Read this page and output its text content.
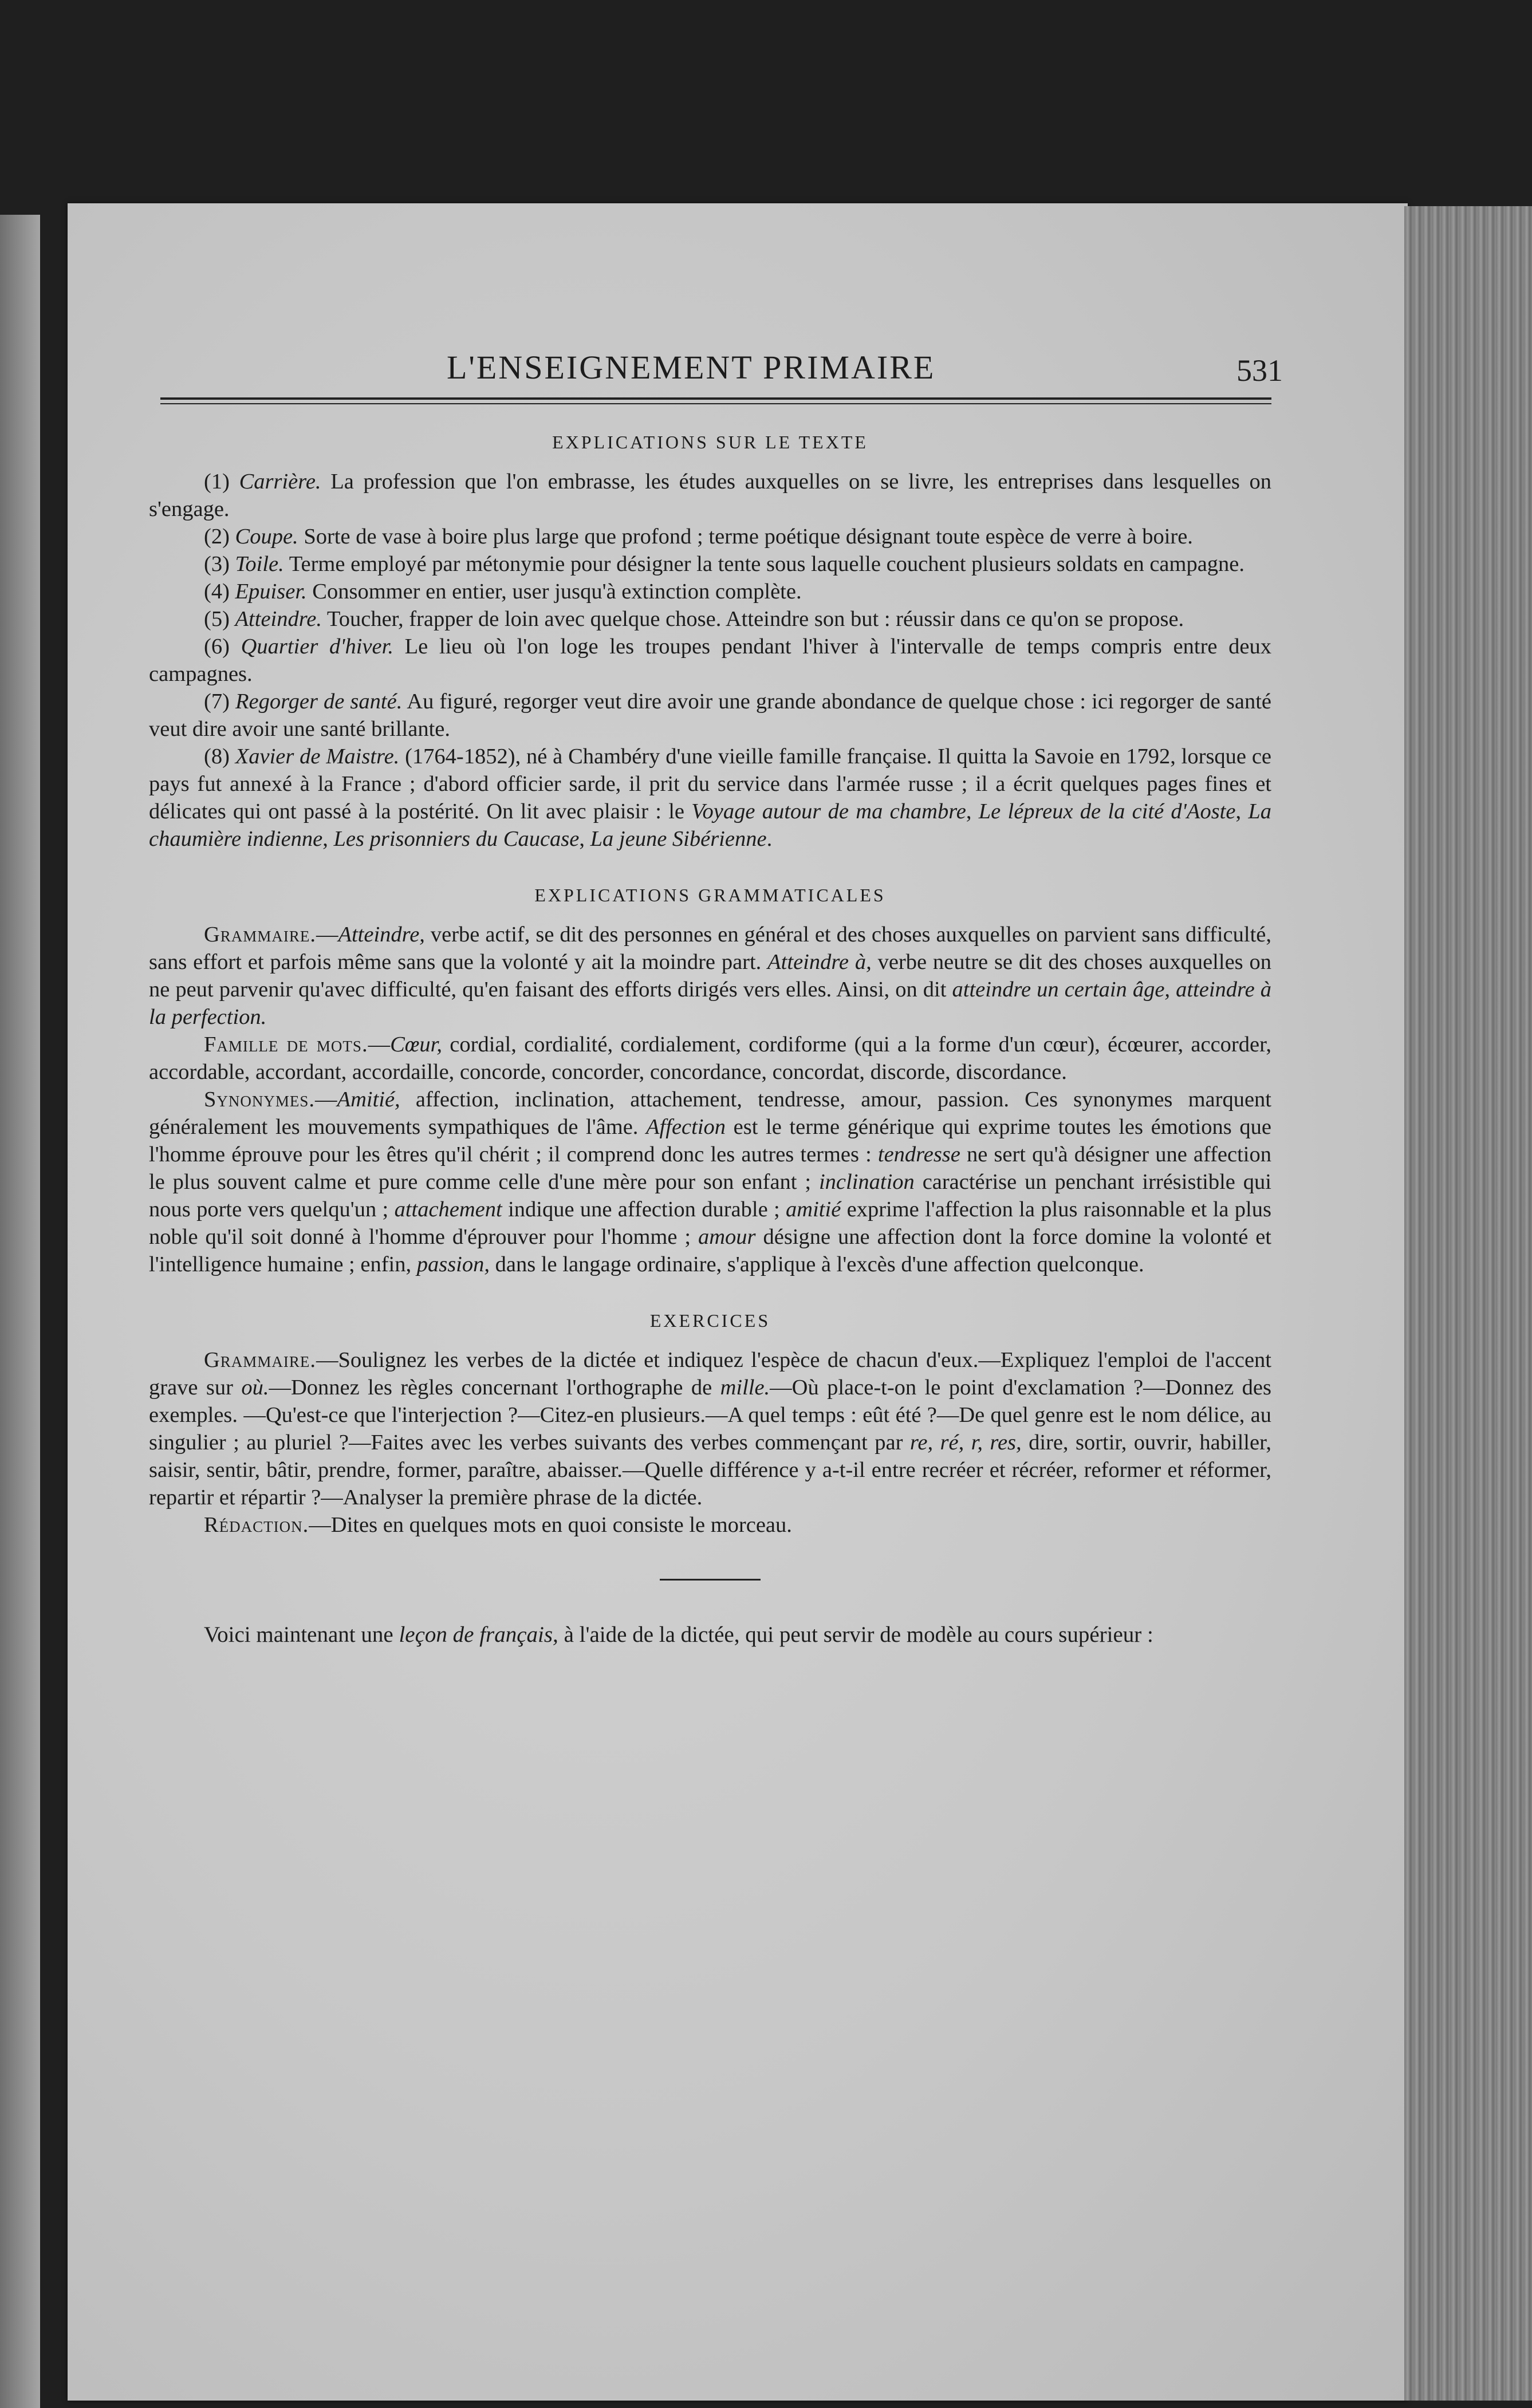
L'ENSEIGNEMENT PRIMAIRE	531
EXPLICATIONS SUR LE TEXTE

(1) Carrière. La profession que l'on embrasse, les études auxquelles on se livre, les entreprises dans lesquelles on s'engage.

(2) Coupe. Sorte de vase à boire plus large que profond ; terme poétique désignant toute espèce de verre à boire.

(3) Toile. Terme employé par métonymie pour désigner la tente sous laquelle couchent plusieurs soldats en campagne.

(4) Epuiser. Consommer en entier, user jusqu'à extinction complète.

(5) Atteindre. Toucher, frapper de loin avec quelque chose. Atteindre son but : réussir dans ce qu'on se propose.

(6) Quartier d'hiver. Le lieu où l'on loge les troupes pendant l'hiver à l'intervalle de temps compris entre deux campagnes.

(7) Regorger de santé. Au figuré, regorger veut dire avoir une grande abondance de quelque chose : ici regorger de santé veut dire avoir une santé brillante.

(8) Xavier de Maistre. (1764-1852), né à Chambéry d'une vieille famille française. Il quitta la Savoie en 1792, lorsque ce pays fut annexé à la France ; d'abord officier sarde, il prit du service dans l'armée russe ; il a écrit quelques pages fines et délicates qui ont passé à la postérité. On lit avec plaisir : le Voyage autour de ma chambre, Le lépreux de la cité d'Aoste, La chaumière indienne, Les prisonniers du Caucase, La jeune Sibérienne.

EXPLICATIONS GRAMMATICALES

Grammaire.—Atteindre, verbe actif, se dit des personnes en général et des choses auxquelles on parvient sans difficulté, sans effort et parfois même sans que la volonté y ait la moindre part. Atteindre à, verbe neutre se dit des choses auxquelles on ne peut parvenir qu'avec difficulté, qu'en faisant des efforts dirigés vers elles. Ainsi, on dit atteindre un certain âge, atteindre à la perfection.

Famille de mots.—Cœur, cordial, cordialité, cordialement, cordiforme (qui a la forme d'un cœur), écœurer, accorder, accordable, accordant, accordaille, concorde, concorder, concordance, concordat, discorde, discordance.

Synonymes.—Amitié, affection, inclination, attachement, tendresse, amour, passion. Ces synonymes marquent généralement les mouvements sympathiques de l'âme. Affection est le terme générique qui exprime toutes les émotions que l'homme éprouve pour les êtres qu'il chérit ; il comprend donc les autres termes : tendresse ne sert qu'à désigner une affection le plus souvent calme et pure comme celle d'une mère pour son enfant ; inclination caractérise un penchant irrésistible qui nous porte vers quelqu'un ; attachement indique une affection durable ; amitié exprime l'affection la plus raisonnable et la plus noble qu'il soit donné à l'homme d'éprouver pour l'homme ; amour désigne une affection dont la force domine la volonté et l'intelligence humaine ; enfin, passion, dans le langage ordinaire, s'applique à l'excès d'une affection quelconque.

EXERCICES

Grammaire.—Soulignez les verbes de la dictée et indiquez l'espèce de chacun d'eux.—Expliquez l'emploi de l'accent grave sur où.—Donnez les règles concernant l'orthographe de mille.—Où place-t-on le point d'exclamation ?—Donnez des exemples. —Qu'est-ce que l'interjection ?—Citez-en plusieurs.—A quel temps : eût été ?—De quel genre est le nom délice, au singulier ; au pluriel ?—Faites avec les verbes suivants des verbes commençant par re, ré, r, res, dire, sortir, ouvrir, habiller, saisir, sentir, bâtir, prendre, former, paraître, abaisser.—Quelle différence y a-t-il entre recréer et récréer, reformer et réformer, repartir et répartir ?—Analyser la première phrase de la dictée.

Rédaction.—Dites en quelques mots en quoi consiste le morceau.

Voici maintenant une leçon de français, à l'aide de la dictée, qui peut servir de modèle au cours supérieur :
